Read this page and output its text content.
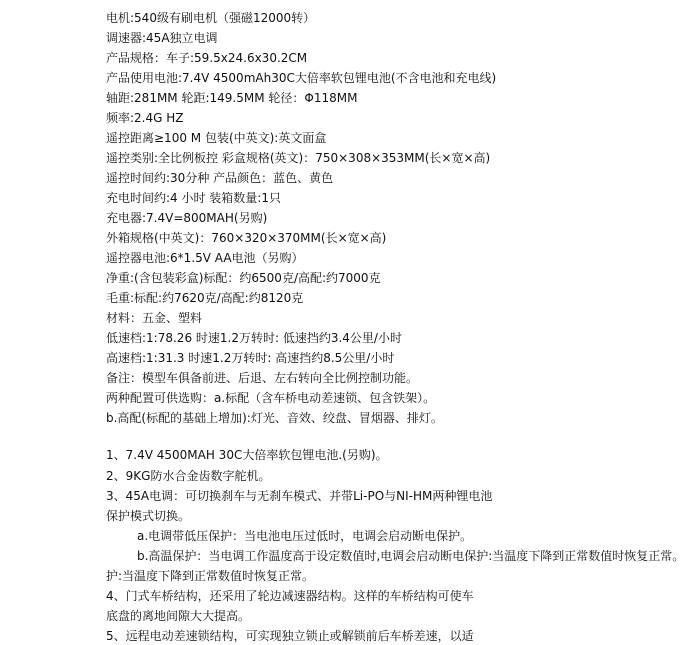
电机:540级有刷电机（强磁12000转）
调速器:45A独立电调
产品规格：车子:59.5x24.6x30.2CM
产品使用电池:7.4V 4500mAh30C大倍率软包锂电池(不含电池和充电线)
轴距:281MM 轮距:149.5MM 轮径：Φ118MM
频率:2.4G HZ
遥控距离≥100 M 包装(中英文):英文面盒
遥控类别:全比例板控 彩盒规格(英文)：750×308×353MM(长×宽×高)
遥控时间约:30分种 产品颜色：蓝色、黄色
充电时间约:4 小时 装箱数量:1只
充电器:7.4V=800MAH(另购)
外箱规格(中英文)：760×320×370MM(长×宽×高)
遥控器电池:6*1.5V AA电池（另购）
净重:(含包装彩盒)标配：约6500克/高配:约7000克
毛重:标配:约7620克/高配:约8120克
材料：五金、塑料
低速档:1:78.26 时速1.2万转时: 低速挡约3.4公里/小时
高速档:1:31.3 时速1.2万转时: 高速挡约8.5公里/小时
备注：模型车俱备前进、后退、左右转向全比例控制功能。
两种配置可供选购：a.标配（含车桥电动差速锁、包含铁架）。
b.高配(标配的基础上增加):灯光、音效、绞盘、冒烟器、排灯。
1、7.4V 4500MAH 30C大倍率软包锂电池.(另购)。
2、9KG防水合金齿数字舵机。
3、45A电调：可切换刹车与无刹车模式、并带Li-PO与NI-HM两种锂电池
保护模式切换。
a.电调带低压保护：当电池电压过低时，电调会启动断电保护。
b.高温保护：当电调工作温度高于设定数值时,电调会启动断电保护:当温度下降到正常数值时恢复正常。
护:当温度下降到正常数值时恢复正常。
4、门式车桥结构，还采用了轮边减速器结构。这样的车桥结构可使车
底盘的离地间隙大大提高。
5、远程电动差速锁结构，可实现独立锁止或解锁前后车桥差速，以适
